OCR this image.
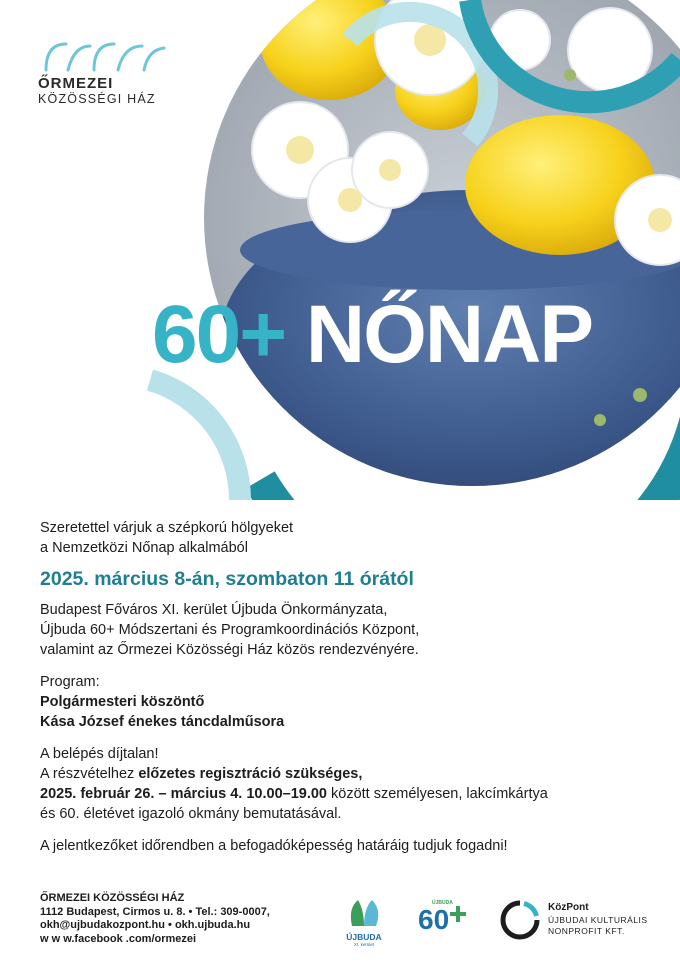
ŐRMEZEI
KÖZÖSSÉGI HÁZ
60+ NŐNAP

Szeretettel várjuk a szépkorú hölgyeket

a Nemzetközi Nőnap alkalmából

2025. március 8-án, szombaton 11 órától

Budapest Főváros XI. kerület Újbuda Önkormányzata,

Újbuda 60+ Módszertani és Programkoordinációs Központ,

valamint az Őrmezei Közösségi Ház közös rendezvényére.

Program:

Polgármesteri köszöntő

Kása József énekes táncdalműsora

A belépés díjtalan!

A részvételhez előzetes regisztráció szükséges,

2025. február 26. – március 4. 10.00–19.00 között személyesen, lakcímkártya

és 60. életévet igazoló okmány bemutatásával.

A jelentkezőket időrendben a befogadóképesség határáig tudjuk fogadni!

ŐRMEZEI KÖZÖSSÉGI HÁZ
1112 Budapest, Cirmos u. 8. • Tel.: 309-0007,
okh@ujbudakozpont.hu • okh.ujbuda.hu
w w w.facebook .com/ormezei	ÚJBUDA
XI. kerület
ÚJBUDA
60	KözPont
ÚJBUDAI KULTURÁLIS
NONPROFIT KFT.
